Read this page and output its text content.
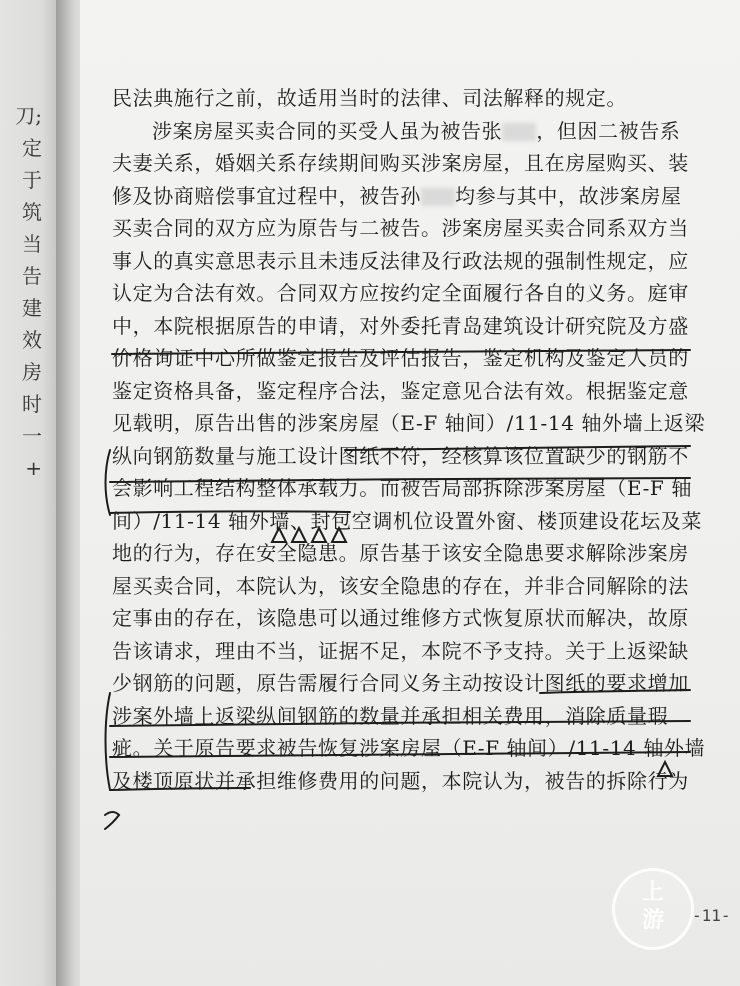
刀;
定
于
筑
当
告
建
效
房
时
一
+
民法典施行之前，故适用当时的法律、司法解释的规定。
涉案房屋买卖合同的买受人虽为被告张 ，但因二被告系
夫妻关系，婚姻关系存续期间购买涉案房屋，且在房屋购买、装
修及协商赔偿事宜过程中，被告孙 均参与其中，故涉案房屋
买卖合同的双方应为原告与二被告。涉案房屋买卖合同系双方当
事人的真实意思表示且未违反法律及行政法规的强制性规定，应
认定为合法有效。合同双方应按约定全面履行各自的义务。庭审
中，本院根据原告的申请，对外委托青岛建筑设计研究院及方盛
价格询证中心所做鉴定报告及评估报告，鉴定机构及鉴定人员的
鉴定资格具备，鉴定程序合法，鉴定意见合法有效。根据鉴定意
见载明，原告出售的涉案房屋（E-F 轴间）/11-14 轴外墙上返梁
纵向钢筋数量与施工设计图纸不符，经核算该位置缺少的钢筋不
会影响工程结构整体承载力。而被告局部拆除涉案房屋（E-F 轴
间）/11-14 轴外墙、封包空调机位设置外窗、楼顶建设花坛及菜
地的行为，存在安全隐患。原告基于该安全隐患要求解除涉案房
屋买卖合同，本院认为，该安全隐患的存在，并非合同解除的法
定事由的存在，该隐患可以通过维修方式恢复原状而解决，故原
告该请求，理由不当，证据不足，本院不予支持。关于上返梁缺
少钢筋的问题，原告需履行合同义务主动按设计图纸的要求增加
涉案外墙上返梁纵间钢筋的数量并承担相关费用，消除质量瑕
疵。关于原告要求被告恢复涉案房屋（E-F 轴间）/11-14 轴外墙
及楼顶原状并承担维修费用的问题，本院认为，被告的拆除行为
-11-
上
游
